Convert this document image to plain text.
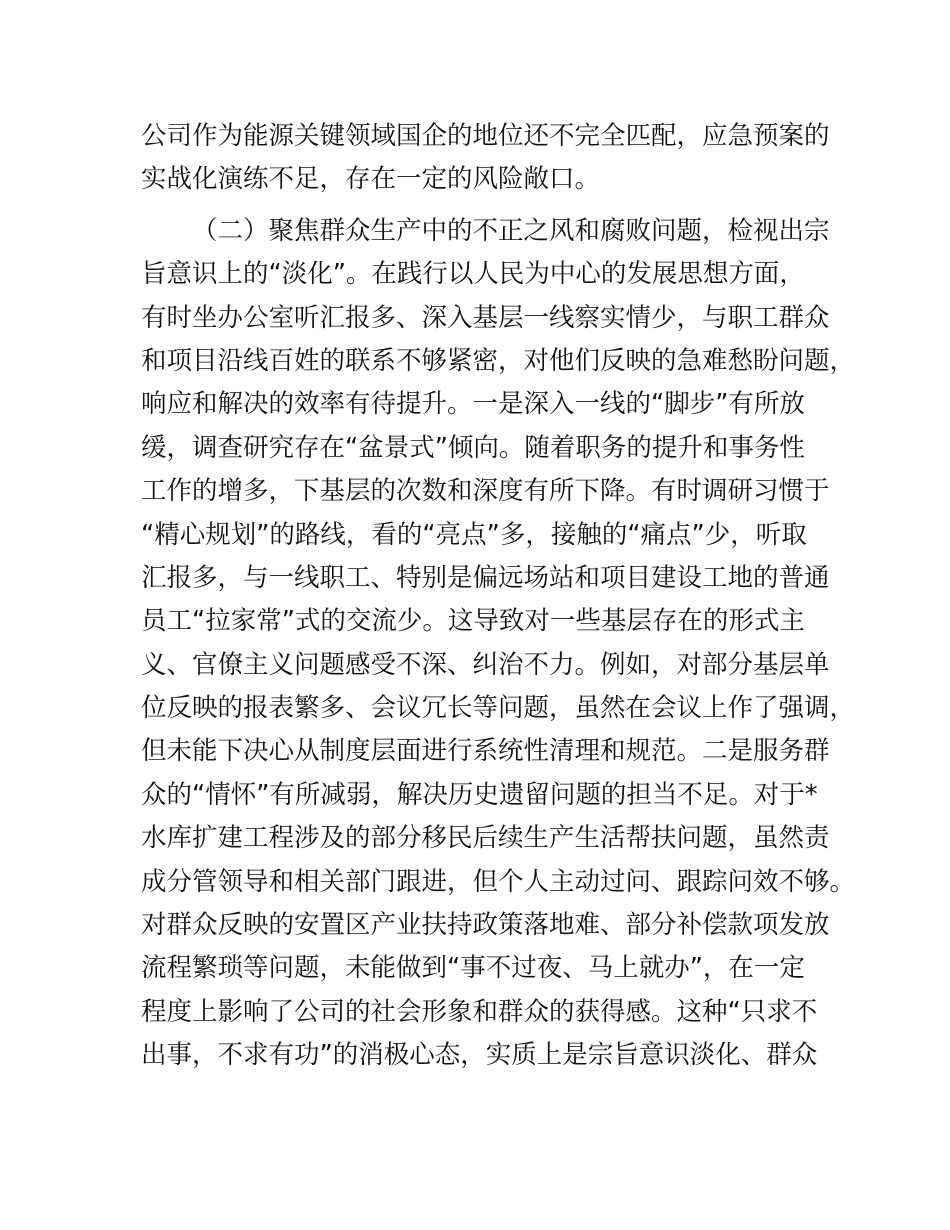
公司作为能源关键领域国企的地位还不完全匹配，应急预案的
实战化演练不足，存在一定的风险敞口。
（二）聚焦群众生产中的不正之风和腐败问题，检视出宗
旨意识上的“淡化”。在践行以人民为中心的发展思想方面，
有时坐办公室听汇报多、深入基层一线察实情少，与职工群众
和项目沿线百姓的联系不够紧密，对他们反映的急难愁盼问题，
响应和解决的效率有待提升。一是深入一线的“脚步”有所放
缓，调查研究存在“盆景式”倾向。随着职务的提升和事务性
工作的增多，下基层的次数和深度有所下降。有时调研习惯于
“精心规划”的路线，看的“亮点”多，接触的“痛点”少，听取
汇报多，与一线职工、特别是偏远场站和项目建设工地的普通
员工“拉家常”式的交流少。这导致对一些基层存在的形式主
义、官僚主义问题感受不深、纠治不力。例如，对部分基层单
位反映的报表繁多、会议冗长等问题，虽然在会议上作了强调，
但未能下决心从制度层面进行系统性清理和规范。二是服务群
众的“情怀”有所减弱，解决历史遗留问题的担当不足。对于*
水库扩建工程涉及的部分移民后续生产生活帮扶问题，虽然责
成分管领导和相关部门跟进，但个人主动过问、跟踪问效不够。
对群众反映的安置区产业扶持政策落地难、部分补偿款项发放
流程繁琐等问题，未能做到“事不过夜、马上就办”，在一定
程度上影响了公司的社会形象和群众的获得感。这种“只求不
出事，不求有功”的消极心态，实质上是宗旨意识淡化、群众
